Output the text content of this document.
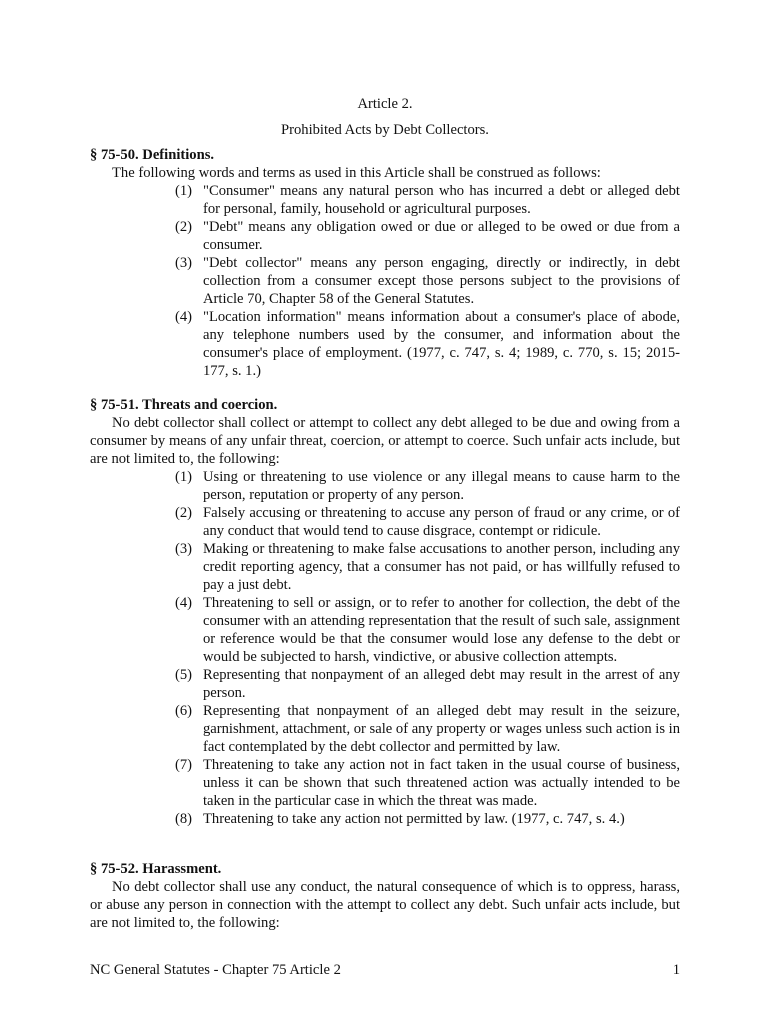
Article 2.
Prohibited Acts by Debt Collectors.
§ 75-50. Definitions.
The following words and terms as used in this Article shall be construed as follows:
(1) "Consumer" means any natural person who has incurred a debt or alleged debt for personal, family, household or agricultural purposes.
(2) "Debt" means any obligation owed or due or alleged to be owed or due from a consumer.
(3) "Debt collector" means any person engaging, directly or indirectly, in debt collection from a consumer except those persons subject to the provisions of Article 70, Chapter 58 of the General Statutes.
(4) "Location information" means information about a consumer's place of abode, any telephone numbers used by the consumer, and information about the consumer's place of employment. (1977, c. 747, s. 4; 1989, c. 770, s. 15; 2015-177, s. 1.)
§ 75-51. Threats and coercion.
No debt collector shall collect or attempt to collect any debt alleged to be due and owing from a consumer by means of any unfair threat, coercion, or attempt to coerce. Such unfair acts include, but are not limited to, the following:
(1) Using or threatening to use violence or any illegal means to cause harm to the person, reputation or property of any person.
(2) Falsely accusing or threatening to accuse any person of fraud or any crime, or of any conduct that would tend to cause disgrace, contempt or ridicule.
(3) Making or threatening to make false accusations to another person, including any credit reporting agency, that a consumer has not paid, or has willfully refused to pay a just debt.
(4) Threatening to sell or assign, or to refer to another for collection, the debt of the consumer with an attending representation that the result of such sale, assignment or reference would be that the consumer would lose any defense to the debt or would be subjected to harsh, vindictive, or abusive collection attempts.
(5) Representing that nonpayment of an alleged debt may result in the arrest of any person.
(6) Representing that nonpayment of an alleged debt may result in the seizure, garnishment, attachment, or sale of any property or wages unless such action is in fact contemplated by the debt collector and permitted by law.
(7) Threatening to take any action not in fact taken in the usual course of business, unless it can be shown that such threatened action was actually intended to be taken in the particular case in which the threat was made.
(8) Threatening to take any action not permitted by law. (1977, c. 747, s. 4.)
§ 75-52. Harassment.
No debt collector shall use any conduct, the natural consequence of which is to oppress, harass, or abuse any person in connection with the attempt to collect any debt. Such unfair acts include, but are not limited to, the following:
NC General Statutes - Chapter 75 Article 2	1
